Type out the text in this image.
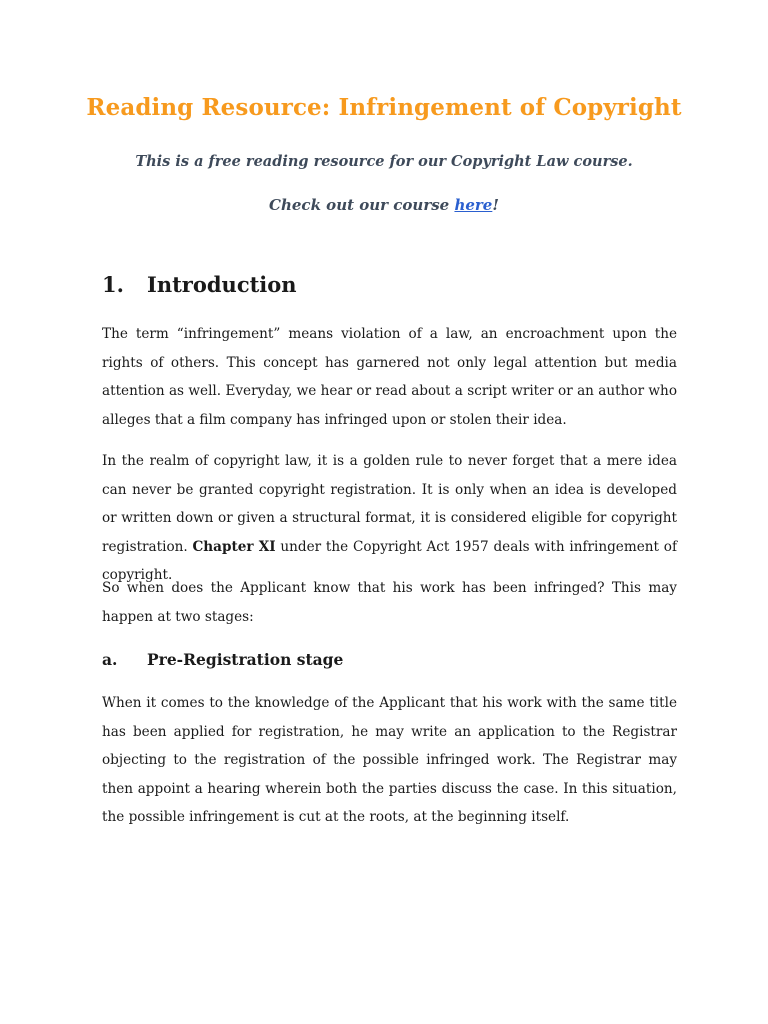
Reading Resource: Infringement of Copyright
This is a free reading resource for our Copyright Law course.
Check out our course here!
1. Introduction

The term “infringement” means violation of a law, an encroachment upon the rights of others. This concept has garnered not only legal attention but media attention as well. Everyday, we hear or read about a script writer or an author who alleges that a film company has infringed upon or stolen their idea.

In the realm of copyright law, it is a golden rule to never forget that a mere idea can never be granted copyright registration. It is only when an idea is developed or written down or given a structural format, it is considered eligible for copyright registration. Chapter XI under the Copyright Act 1957 deals with infringement of copyright.

So when does the Applicant know that his work has been infringed? This may happen at two stages:

a. Pre-Registration stage

When it comes to the knowledge of the Applicant that his work with the same title has been applied for registration, he may write an application to the Registrar objecting to the registration of the possible infringed work. The Registrar may then appoint a hearing wherein both the parties discuss the case. In this situation, the possible infringement is cut at the roots, at the beginning itself.
